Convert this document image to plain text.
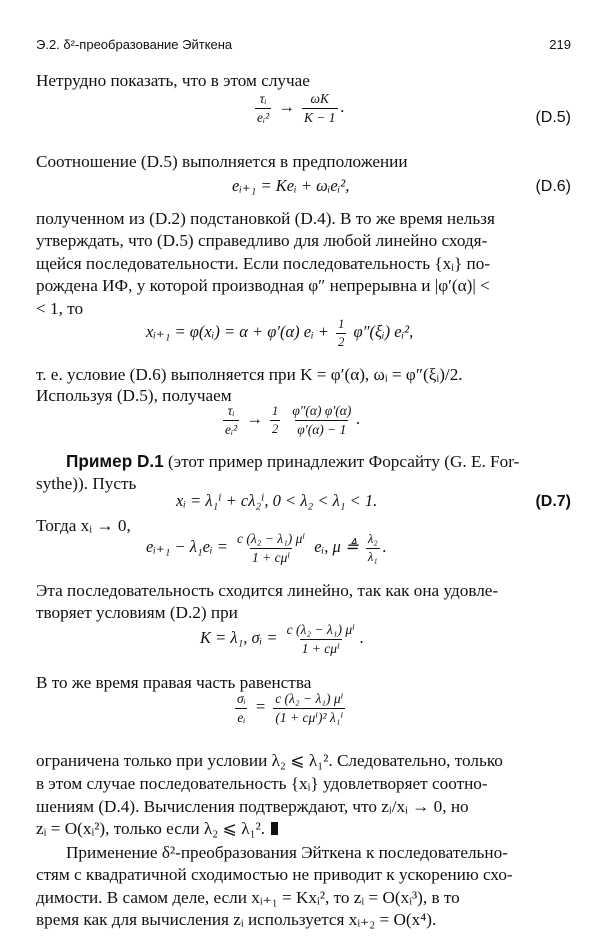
Э.2. δ²-преобразование Эйткена	219
Нетрудно показать, что в этом случае
$\frac{\text{τᵢ}}{\text{eᵢ²}} \to \frac{\omega K}{K - 1}$ .
(D.5)
Соотношение (D.5) выполняется в предположении
eᵢ₊₁ = Keᵢ + ωᵢeᵢ²,	(D.6)
полученном из (D.2) подстановкой (D.4). В то же время нельзя
утверждать, что (D.5) справедливо для любой линейно сходя-
щейся последовательности. Если последовательность {xᵢ} по-
рождена ИФ, у которой производная φ″ непрерывна и |φ′(α)| <
< 1, то
xᵢ₊₁ = φ(xᵢ) = α + φ′(α) eᵢ + $\frac{1}{2}$ φ″(ξᵢ) eᵢ²,
т. е. условие (D.6) выполняется при K = φ′(α), ωᵢ = φ″(ξᵢ)/2.
Используя (D.5), получаем
$\frac{\text{τᵢ}}{\text{eᵢ²}} \to \frac{1}{2}$
$\frac{\varphi''(\alpha) \varphi'(\alpha)}{\varphi'(\alpha) - 1}$ .
Пример D.1 (этот пример принадлежит Форсайту (G. E. For-
sythe)). Пусть
xᵢ = λ₁ⁱ + cλ₂ⁱ, 0 < λ₂ < λ₁ < 1.	(D.7)
Тогда xᵢ → 0,
eᵢ₊₁ − λ₁eᵢ = $\frac{\text{c (λ₂ − λ₁) μⁱ}}{\text{1 + cμⁱ}}$ eᵢ, μ ≜ $\frac{\text{λ₂}}{\text{λ₁}}$ .
Эта последовательность сходится линейно, так как она удовле-
творяет условиям (D.2) при
K = λ₁, σᵢ = $\frac{\text{c (λ₂ − λ₁) μⁱ}}{\text{1 + cμⁱ}}$ .
В то же время правая часть равенства
$\frac{\text{σᵢ}}{\text{eᵢ}} = \frac{\text{c (λ₂ − λ₁) μⁱ}}{\text{(1 + cμⁱ)² λ₁ⁱ}}$
ограничена только при условии λ₂ ⩽ λ₁². Следовательно, только
в этом случае последовательность {xᵢ} удовлетворяет соотно-
шениям (D.4). Вычисления подтверждают, что zᵢ/xᵢ → 0, но
zᵢ = O(xᵢ²), только если λ₂ ⩽ λ₁².
Применение δ²-преобразования Эйткена к последовательно-
стям с квадратичной сходимостью не приводит к ускорению схо-
димости. В самом деле, если xᵢ₊₁ = Kxᵢ², то zᵢ = O(xᵢ³), в то
время как для вычисления zᵢ используется xᵢ₊₂ = O(x⁴).
